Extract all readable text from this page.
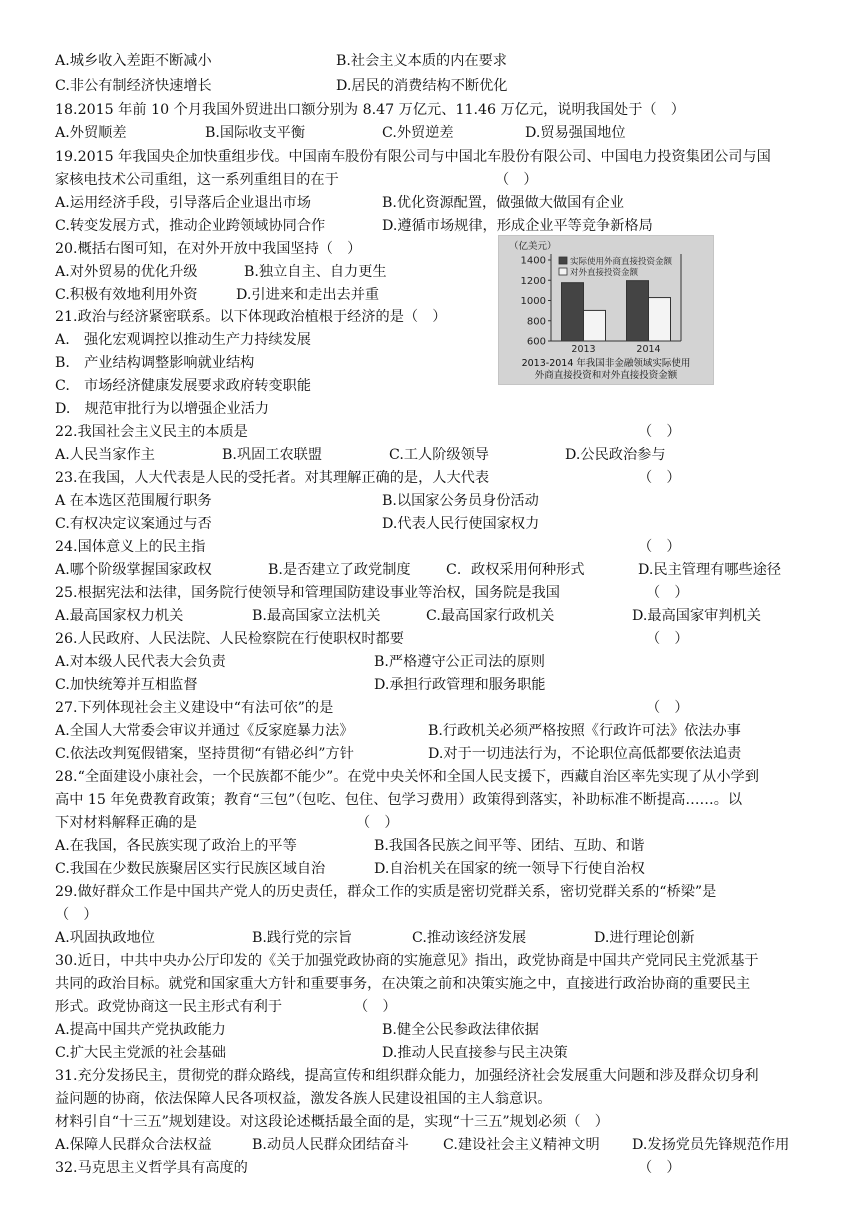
A.城乡收入差距不断减小	B.社会主义本质的内在要求
C.非公有制经济快速增长	D.居民的消费结构不断优化
18.2015 年前 10 个月我国外贸进出口额分别为 8.47 万亿元、11.46 万亿元，说明我国处于（　）
A.外贸顺差	B.国际收支平衡	C.外贸逆差	D.贸易强国地位
19.2015 年我国央企加快重组步伐。中国南车股份有限公司与中国北车股份有限公司、中国电力投资集团公司与国
家核电技术公司重组，这一系列重组目的在于	（　）
A.运用经济手段，引导落后企业退出市场	B.优化资源配置，做强做大做国有企业
C.转变发展方式，推动企业跨领域协同合作	D.遵循市场规律，形成企业平等竞争新格局
20.概括右图可知，在对外开放中我国坚持（　）
A.对外贸易的优化升级	B.独立自主、自力更生
C.积极有效地利用外资	D.引进来和走出去并重
21.政治与经济紧密联系。以下体现政治植根于经济的是（　）
A.　强化宏观调控以推动生产力持续发展
B.　产业结构调整影响就业结构
C.　市场经济健康发展要求政府转变职能
D.　规范审批行为以增强企业活力
22.我国社会主义民主的本质是	（　）
A.人民当家作主	B.巩固工农联盟	C.工人阶级领导	D.公民政治参与
23.在我国，人大代表是人民的受托者。对其理解正确的是，人大代表	（　）
A 在本选区范围履行职务	B.以国家公务员身份活动
C.有权决定议案通过与否	D.代表人民行使国家权力
24.国体意义上的民主指	（　）
A.哪个阶级掌握国家政权	B.是否建立了政党制度 C．政权采用何种形式	D.民主管理有哪些途径
25.根据宪法和法律，国务院行使领导和管理国防建设事业等治权，国务院是我国	（　）
A.最高国家权力机关	B.最高国家立法机关	C.最高国家行政机关	D.最高国家审判机关
26.人民政府、人民法院、人民检察院在行使职权时都要	（　）
A.对本级人民代表大会负责	B.严格遵守公正司法的原则
C.加快统筹并互相监督	D.承担行政管理和服务职能
27.下列体现社会主义建设中“有法可依”的是	（　）
A.全国人大常委会审议并通过《反家庭暴力法》	B.行政机关必须严格按照《行政许可法》依法办事
C.依法改判冤假错案，坚持贯彻“有错必纠”方针	D.对于一切违法行为，不论职位高低都要依法追责
28.“全面建设小康社会，一个民族都不能少”。在党中央关怀和全国人民支援下，西藏自治区率先实现了从小学到
高中 15 年免费教育政策；教育“三包”（包吃、包住、包学习费用）政策得到落实，补助标准不断提高……。以
下对材料解释正确的是	（　）
A.在我国，各民族实现了政治上的平等	B.我国各民族之间平等、团结、互助、和谐
C.我国在少数民族聚居区实行民族区域自治	D.自治机关在国家的统一领导下行使自治权
29.做好群众工作是中国共产党人的历史责任，群众工作的实质是密切党群关系，密切党群关系的“桥梁”是
（　）
A.巩固执政地位	B.践行党的宗旨	C.推动该经济发展	D.进行理论创新
30.近日，中共中央办公厅印发的《关于加强党政协商的实施意见》指出，政党协商是中国共产党同民主党派基于
共同的政治目标。就党和国家重大方针和重要事务，在决策之前和决策实施之中，直接进行政治协商的重要民主
形式。政党协商这一民主形式有利于	（　）
A.提高中国共产党执政能力	B.健全公民参政法律依据
C.扩大民主党派的社会基础	D.推动人民直接参与民主决策
31.充分发扬民主，贯彻党的群众路线，提高宣传和组织群众能力，加强经济社会发展重大问题和涉及群众切身利
益问题的协商，依法保障人民各项权益，激发各族人民建设祖国的主人翁意识。
材料引自“十三五”规划建设。对这段论述概括最全面的是，实现“十三五”规划必须（　）
A.保障人民群众合法权益	B.动员人民群众团结奋斗 C.建设社会主义精神文明 D.发扬党员先锋规范作用
32.马克思主义哲学具有高度的	（　）
（亿美元）
600
800
1000
1200
1400
2013	2014
实际使用外商直接投资金额
对外直接投资金额
2013-2014 年我国非金融领域实际使用
外商直接投资和对外直接投资金额
